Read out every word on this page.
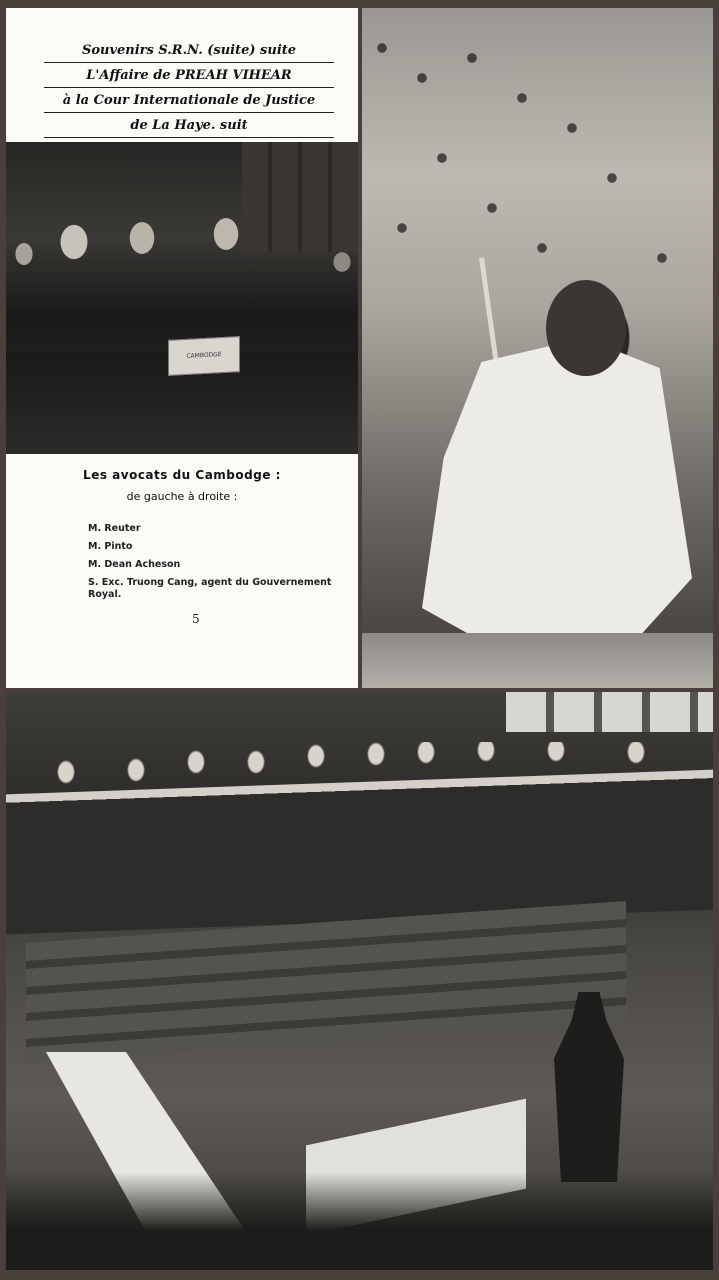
Souvenirs S.R.N. (suite) suite
L'Affaire de PREAH VIHEAR
à la Cour Internationale de Justice
de La Haye. suit
CAMBODGE
Les avocats du Cambodge :
de gauche à droite :
M. Reuter
M. Pinto
M. Dean Acheson
S. Exc. Truong Cang, agent du Gouvernement Royal.
5
